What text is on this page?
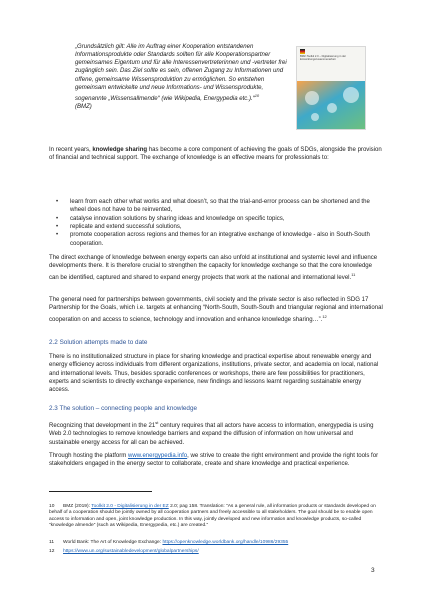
„Grundsätzlich gilt: Alle im Auftrag einer Kooperation entstandenen Informationsprodukte oder Standards sollten für alle Kooperationspartner gemeinsames Eigentum und für alle Interessenvertreterinnen und -vertreter frei zugänglich sein. Das Ziel sollte es sein, offenen Zugang zu Informationen und offene, gemeinsame Wissensproduktion zu ermöglichen. So entstehen gemeinsam entwickelte und neue Informations- und Wissensprodukte, sogenannte „Wissensallmende“ (wie Wikipedia, Energypedia etc.).“$^{10}$

(BMZ)

BMZ-Toolkit 2.0 – Digitalisierung in der Entwicklungszusammenarbeit

In recent years, knowledge sharing has become a core component of achieving the goals of SDGs, alongside the provision of financial and technical support. The exchange of knowledge is an effective means for professionals to:

• learn from each other what works and what doesn’t, so that the trial-and-error process can be shortened and the wheel does not have to be reinvented,
• catalyse innovation solutions by sharing ideas and knowledge on specific topics,
• replicate and extend successful solutions,
• promote cooperation across regions and themes for an integrative exchange of knowledge - also in South-South cooperation.

The direct exchange of knowledge between energy experts can also unfold at institutional and systemic level and influence developments there. It is therefore crucial to strengthen the capacity for knowledge exchange so that the core knowledge can be identified, captured and shared to expand energy projects that work at the national and international level.$^{11}$

The general need for partnerships between governments, civil society and the private sector is also reflected in SDG 17 Partnership for the Goals, which i.e. targets at enhancing “North-South, South-South and triangular regional and international cooperation on and access to science, technology and innovation and enhance knowledge sharing…”.$^{12}$

2.2 Solution attempts made to date

There is no institutionalized structure in place for sharing knowledge and practical expertise about renewable energy and energy efficiency across individuals from different organizations, institutions, private sector, and academia on local, national and international levels. Thus, besides sporadic conferences or workshops, there are few possibilities for practitioners, experts and scientists to directly exchange experience, new findings and lessons learnt regarding sustainable energy access.

2.3 The solution – connecting people and knowledge

Recognizing that development in the 21st century requires that all actors have access to information, energypedia is using Web 2.0 technologies to remove knowledge barriers and expand the diffusion of information on how universal and sustainable energy access for all can be achieved.

Through hosting the platform www.energypedia.info, we strive to create the right environment and provide the right tools for stakeholders engaged in the energy sector to collaborate, create and share knowledge and practical experience.

10 BMZ (2019): Toolkit 2.0 - Digitalisierung in der EZ 2.0; pag 158. Translation: “As a general rule, all information products or standards developed on behalf of a cooperation should be jointly owned by all cooperation partners and freely accessible to all stakeholders. The goal should be to enable open access to information and open, joint knowledge production. In this way, jointly developed and new information and knowledge products, so-called “knowledge almende” (such as Wikipedia, Energypedia, etc.) are created.”
11 World Bank: The Art of Knowledge Exchange: https://openknowledge.worldbank.org/handle/10986/29355
12 https://www.un.org/sustainabledevelopment/globalpartnerships/
3
